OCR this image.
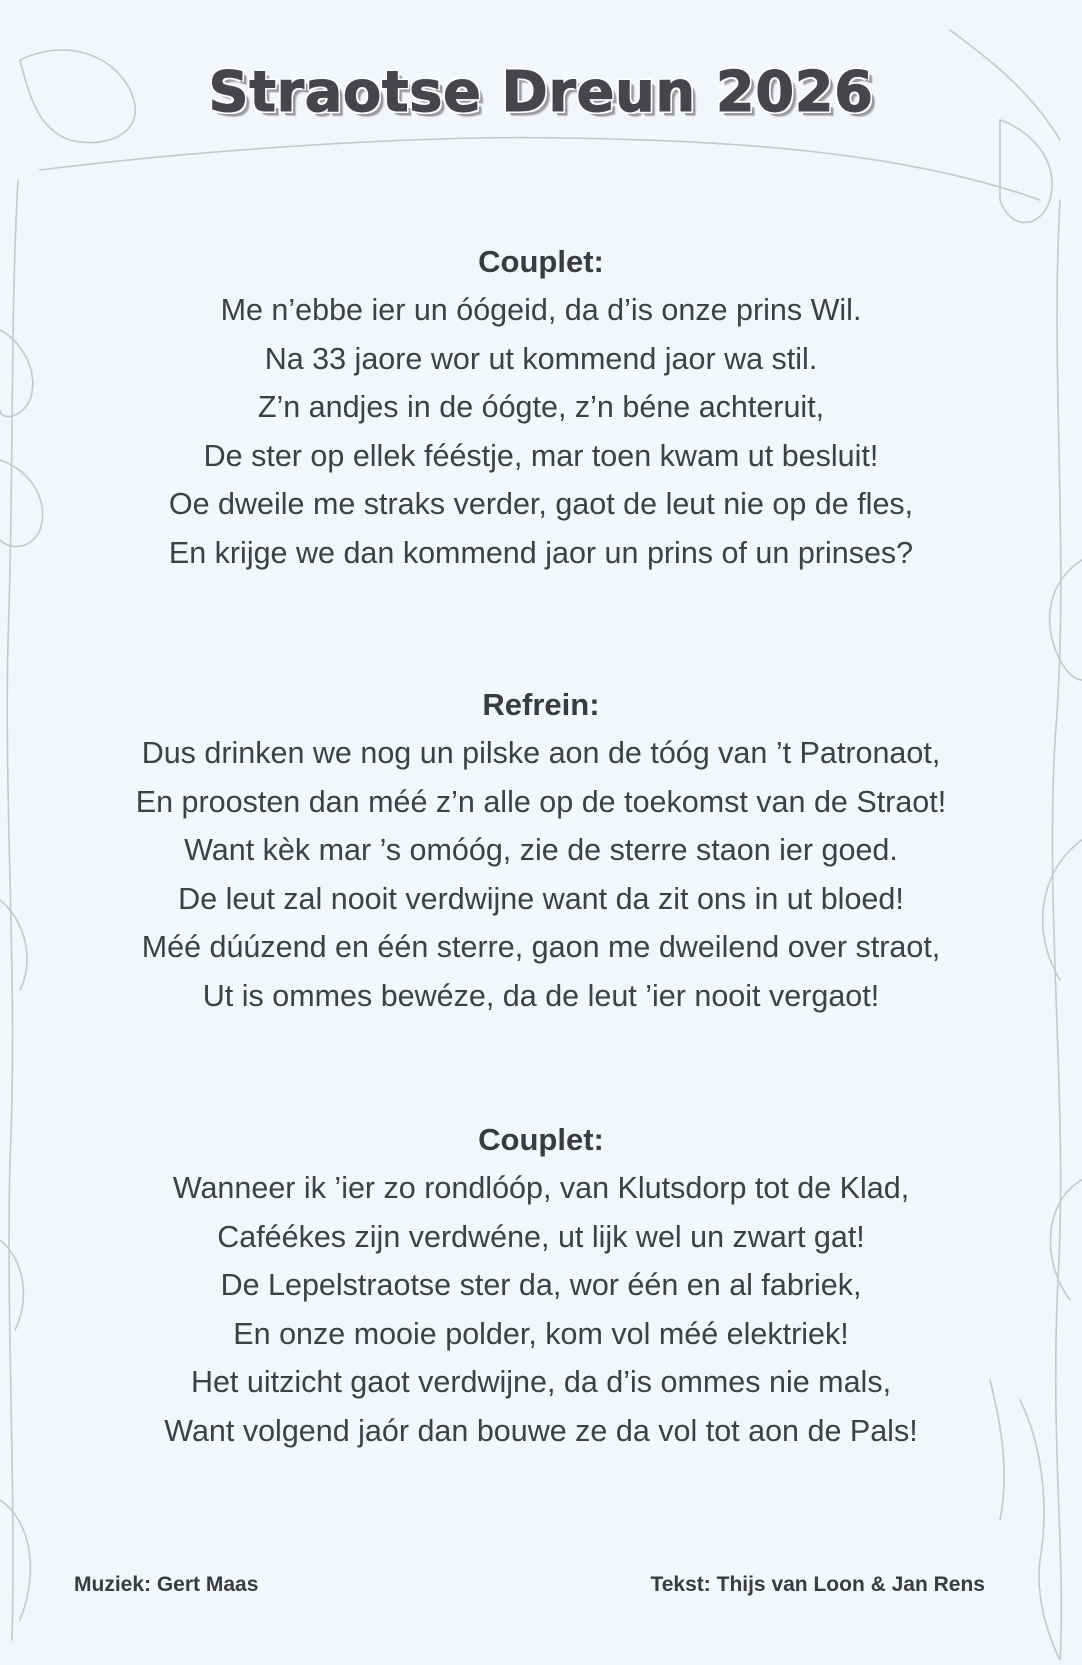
Straotse Dreun 2026
Couplet:
Me n’ebbe ier un óógeid, da d’is onze prins Wil.
Na 33 jaore wor ut kommend jaor wa stil.
Z’n andjes in de óógte, z’n béne achteruit,
De ster op ellek fééstje, mar toen kwam ut besluit!
Oe dweile me straks verder, gaot de leut nie op de fles,
En krijge we dan kommend jaor un prins of un prinses?
Refrein:
Dus drinken we nog un pilske aon de tóóg van ’t Patronaot,
En proosten dan méé z’n alle op de toekomst van de Straot!
Want kèk mar ’s omóóg, zie de sterre staon ier goed.
De leut zal nooit verdwijne want da zit ons in ut bloed!
Méé dúúzend en één sterre, gaon me dweilend over straot,
Ut is ommes bewéze, da de leut ’ier nooit vergaot!
Couplet:
Wanneer ik ’ier zo rondlóóp, van Klutsdorp tot de Klad,
Caféékes zijn verdwéne, ut lijk wel un zwart gat!
De Lepelstraotse ster da, wor één en al fabriek,
En onze mooie polder, kom vol méé elektriek!
Het uitzicht gaot verdwijne, da d’is ommes nie mals,
Want volgend jaór dan bouwe ze da vol tot aon de Pals!
Muziek: Gert Maas	Tekst: Thijs van Loon & Jan Rens
